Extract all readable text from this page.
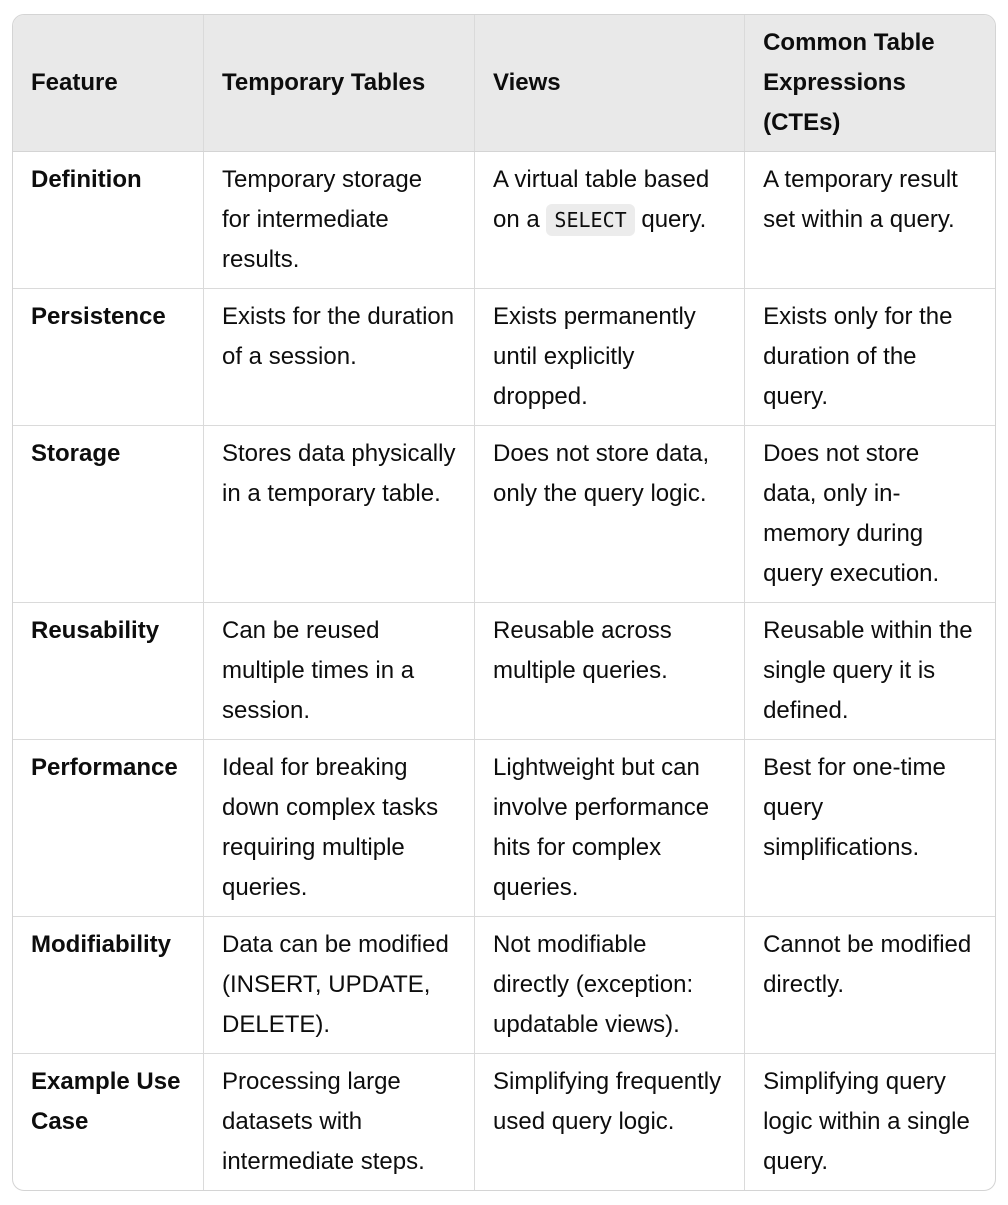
Feature	Temporary Tables	Views	Common Table Expressions (CTEs)
Definition	Temporary storage for intermediate results.	A virtual table based on a SELECT query.	A temporary result set within a query.
Persistence	Exists for the duration of a session.	Exists permanently until explicitly dropped.	Exists only for the duration of the query.
Storage	Stores data physically in a temporary table.	Does not store data, only the query logic.	Does not store data, only in-memory during query execution.
Reusability	Can be reused multiple times in a session.	Reusable across multiple queries.	Reusable within the single query it is defined.
Performance	Ideal for breaking down complex tasks requiring multiple queries.	Lightweight but can involve performance hits for complex queries.	Best for one-time query simplifications.
Modifiability	Data can be modified (INSERT, UPDATE, DELETE).	Not modifiable directly (exception: updatable views).	Cannot be modified directly.
Example Use Case	Processing large datasets with intermediate steps.	Simplifying frequently used query logic.	Simplifying query logic within a single query.
